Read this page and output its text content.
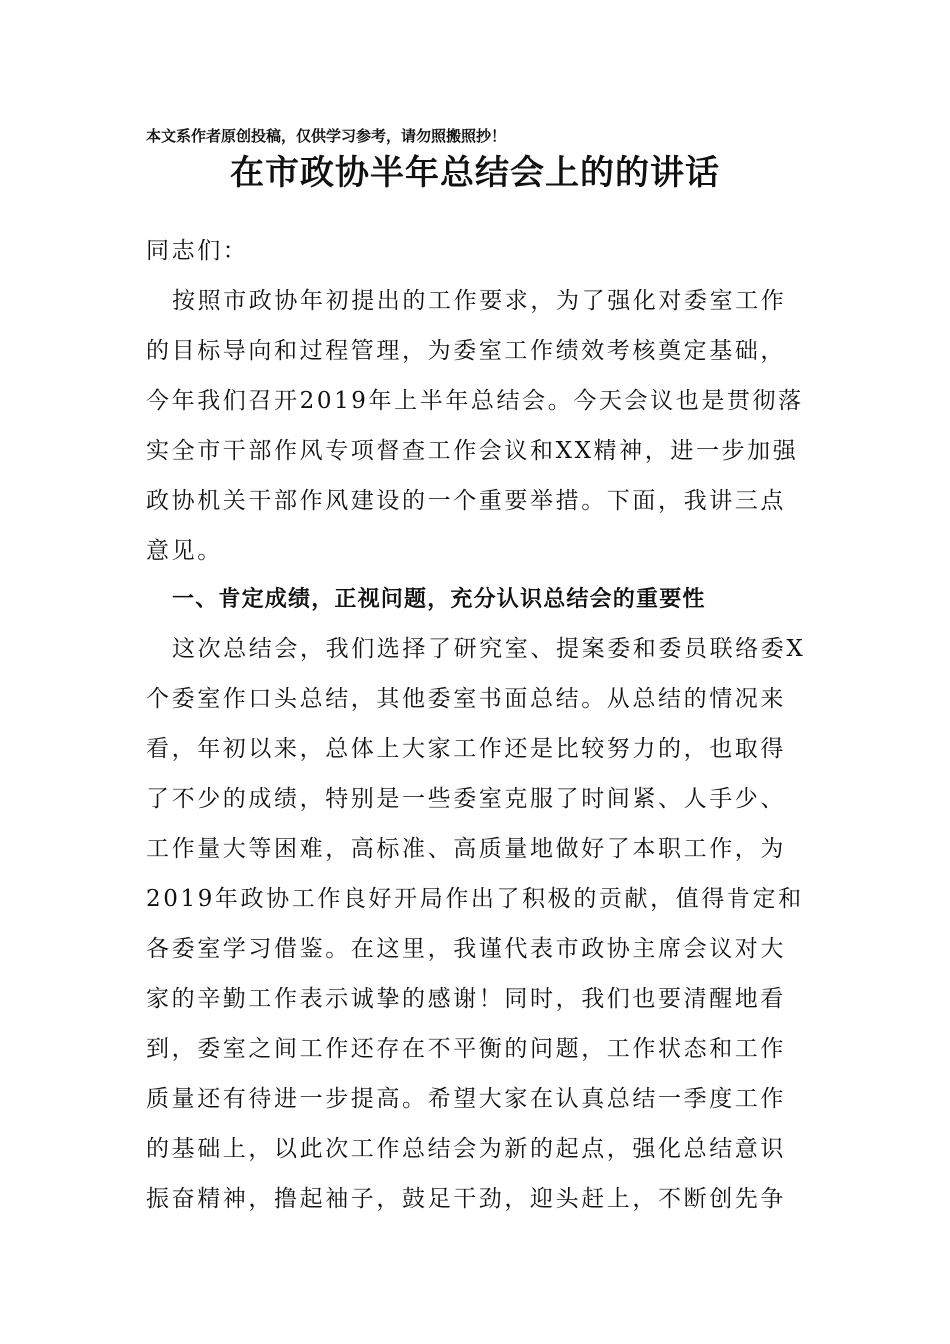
本文系作者原创投稿，仅供学习参考，请勿照搬照抄！
在市政协半年总结会上的的讲话
同志们：
按照市政协年初提出的工作要求，为了强化对委室工作
的目标导向和过程管理，为委室工作绩效考核奠定基础，
今年我们召开2019年上半年总结会。今天会议也是贯彻落
实全市干部作风专项督查工作会议和XX精神，进一步加强
政协机关干部作风建设的一个重要举措。下面，我讲三点
意见。
一、肯定成绩，正视问题，充分认识总结会的重要性
这次总结会，我们选择了研究室、提案委和委员联络委X
个委室作口头总结，其他委室书面总结。从总结的情况来
看，年初以来，总体上大家工作还是比较努力的，也取得
了不少的成绩，特别是一些委室克服了时间紧、人手少、
工作量大等困难，高标准、高质量地做好了本职工作，为
2019年政协工作良好开局作出了积极的贡献，值得肯定和
各委室学习借鉴。在这里，我谨代表市政协主席会议对大
家的辛勤工作表示诚挚的感谢！同时，我们也要清醒地看
到，委室之间工作还存在不平衡的问题，工作状态和工作
质量还有待进一步提高。希望大家在认真总结一季度工作
的基础上，以此次工作总结会为新的起点，强化总结意识
振奋精神，撸起袖子，鼓足干劲，迎头赶上，不断创先争
